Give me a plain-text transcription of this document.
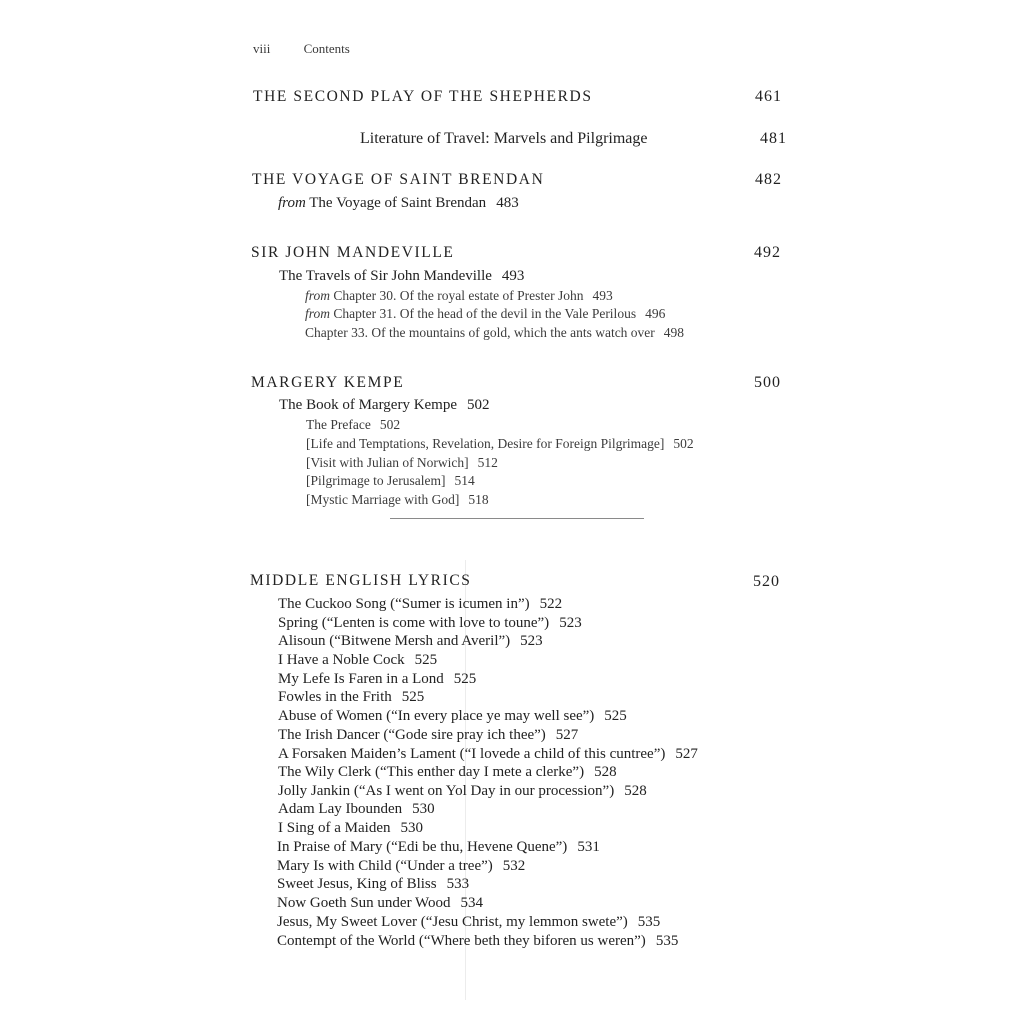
viii	Contents
THE SECOND PLAY OF THE SHEPHERDS	461
Literature of Travel: Marvels and Pilgrimage	481
THE VOYAGE OF SAINT BRENDAN	482
from The Voyage of Saint Brendan 483
SIR JOHN MANDEVILLE	492
The Travels of Sir John Mandeville 493
from Chapter 30. Of the royal estate of Prester John 493
from Chapter 31. Of the head of the devil in the Vale Perilous 496
Chapter 33. Of the mountains of gold, which the ants watch over 498
MARGERY KEMPE	500
The Book of Margery Kempe 502
The Preface 502
[Life and Temptations, Revelation, Desire for Foreign Pilgrimage] 502
[Visit with Julian of Norwich] 512
[Pilgrimage to Jerusalem] 514
[Mystic Marriage with God] 518
MIDDLE ENGLISH LYRICS	520
The Cuckoo Song (“Sumer is icumen in”) 522
Spring (“Lenten is come with love to toune”) 523
Alisoun (“Bitwene Mersh and Averil”) 523
I Have a Noble Cock 525
My Lefe Is Faren in a Lond 525
Fowles in the Frith 525
Abuse of Women (“In every place ye may well see”) 525
The Irish Dancer (“Gode sire pray ich thee”) 527
A Forsaken Maiden’s Lament (“I lovede a child of this cuntree”) 527
The Wily Clerk (“This enther day I mete a clerke”) 528
Jolly Jankin (“As I went on Yol Day in our procession”) 528
Adam Lay Ibounden 530
I Sing of a Maiden 530
In Praise of Mary (“Edi be thu, Hevene Quene”) 531
Mary Is with Child (“Under a tree”) 532
Sweet Jesus, King of Bliss 533
Now Goeth Sun under Wood 534
Jesus, My Sweet Lover (“Jesu Christ, my lemmon swete”) 535
Contempt of the World (“Where beth they biforen us weren”) 535
